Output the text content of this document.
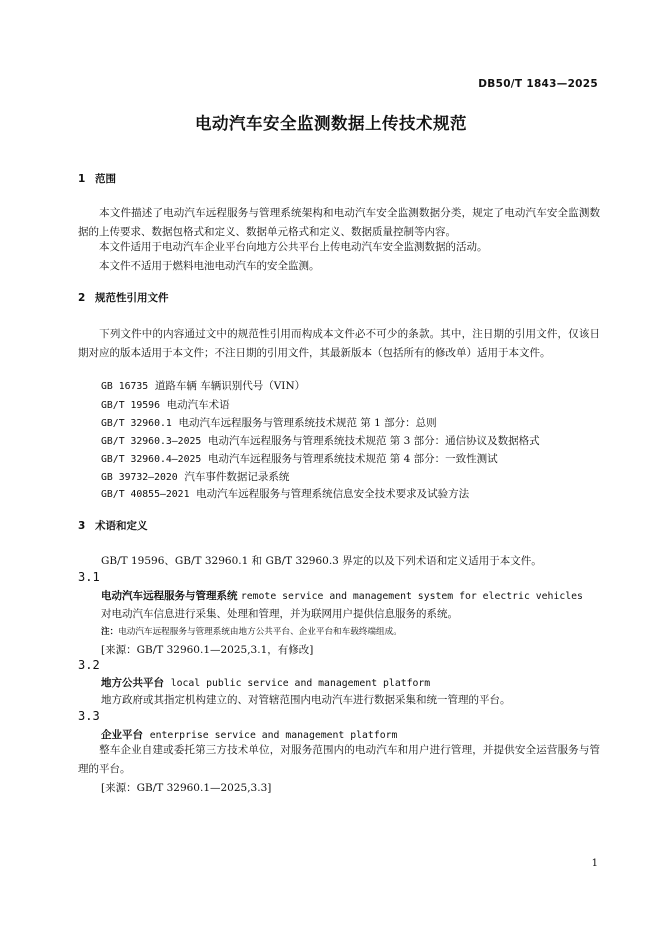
DB50/T 1843—2025
电动汽车安全监测数据上传技术规范
1 范围
本文件描述了电动汽车远程服务与管理系统架构和电动汽车安全监测数据分类，规定了电动汽车安全监测数据的上传要求、数据包格式和定义、数据单元格式和定义、数据质量控制等内容。
本文件适用于电动汽车企业平台向地方公共平台上传电动汽车安全监测数据的活动。
本文件不适用于燃料电池电动汽车的安全监测。
2 规范性引用文件
下列文件中的内容通过文中的规范性引用而构成本文件必不可少的条款。其中，注日期的引用文件，仅该日期对应的版本适用于本文件；不注日期的引用文件，其最新版本（包括所有的修改单）适用于本文件。
GB 16735 道路车辆 车辆识别代号（VIN）
GB/T 19596 电动汽车术语
GB/T 32960.1 电动汽车远程服务与管理系统技术规范 第 1 部分：总则
GB/T 32960.3—2025 电动汽车远程服务与管理系统技术规范 第 3 部分：通信协议及数据格式
GB/T 32960.4—2025 电动汽车远程服务与管理系统技术规范 第 4 部分：一致性测试
GB 39732—2020 汽车事件数据记录系统
GB/T 40855—2021 电动汽车远程服务与管理系统信息安全技术要求及试验方法
3 术语和定义
GB/T 19596、GB/T 32960.1 和 GB/T 32960.3 界定的以及下列术语和定义适用于本文件。
3.1
电动汽车远程服务与管理系统 remote service and management system for electric vehicles
对电动汽车信息进行采集、处理和管理，并为联网用户提供信息服务的系统。
注：电动汽车远程服务与管理系统由地方公共平台、企业平台和车载终端组成。
[来源：GB/T 32960.1—2025,3.1，有修改]
3.2
地方公共平台 local public service and management platform
地方政府或其指定机构建立的、对管辖范围内电动汽车进行数据采集和统一管理的平台。
3.3
企业平台 enterprise service and management platform
整车企业自建或委托第三方技术单位，对服务范围内的电动汽车和用户进行管理，并提供安全运营服务与管理的平台。
[来源：GB/T 32960.1—2025,3.3]
1
